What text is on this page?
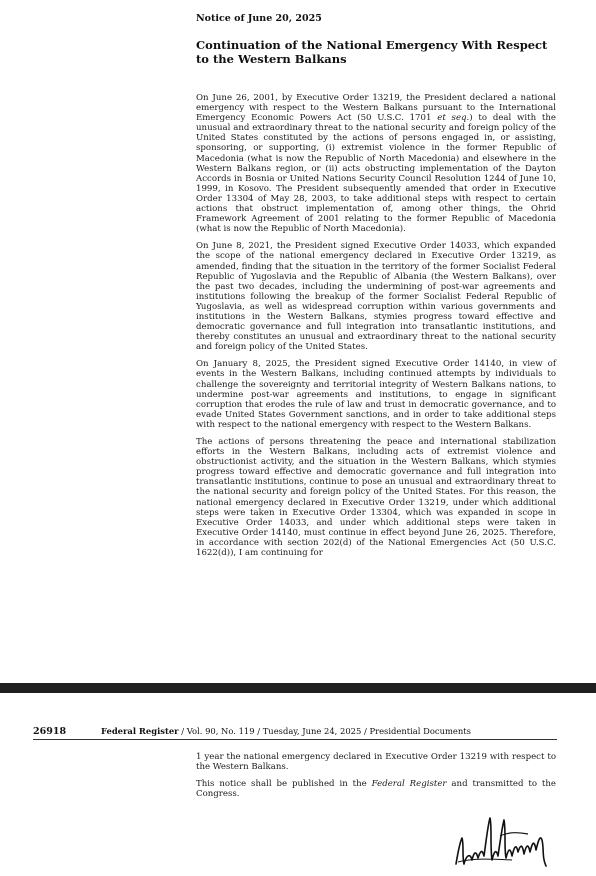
Notice of June 20, 2025
Continuation of the National Emergency With Respect to the Western Balkans

On June 26, 2001, by Executive Order 13219, the President declared a national emergency with respect to the Western Balkans pursuant to the International Emergency Economic Powers Act (50 U.S.C. 1701 et seq.) to deal with the unusual and extraordinary threat to the national security and foreign policy of the United States constituted by the actions of persons engaged in, or assisting, sponsoring, or supporting, (i) extremist violence in the former Republic of Macedonia (what is now the Republic of North Macedonia) and elsewhere in the Western Balkans region, or (ii) acts obstructing implementation of the Dayton Accords in Bosnia or United Nations Security Council Resolution 1244 of June 10, 1999, in Kosovo. The President subsequently amended that order in Executive Order 13304 of May 28, 2003, to take additional steps with respect to certain actions that obstruct implementation of, among other things, the Ohrid Framework Agreement of 2001 relating to the former Republic of Macedonia (what is now the Republic of North Macedonia).

On June 8, 2021, the President signed Executive Order 14033, which expanded the scope of the national emergency declared in Executive Order 13219, as amended, finding that the situation in the territory of the former Socialist Federal Republic of Yugoslavia and the Republic of Albania (the Western Balkans), over the past two decades, including the undermining of post-war agreements and institutions following the breakup of the former Socialist Federal Republic of Yugoslavia, as well as widespread corruption within various governments and institutions in the Western Balkans, stymies progress toward effective and democratic governance and full integration into transatlantic institutions, and thereby constitutes an unusual and extraordinary threat to the national security and foreign policy of the United States.

On January 8, 2025, the President signed Executive Order 14140, in view of events in the Western Balkans, including continued attempts by individuals to challenge the sovereignty and territorial integrity of Western Balkans nations, to undermine post-war agreements and institutions, to engage in significant corruption that erodes the rule of law and trust in democratic governance, and to evade United States Government sanctions, and in order to take additional steps with respect to the national emergency with respect to the Western Balkans.

The actions of persons threatening the peace and international stabilization efforts in the Western Balkans, including acts of extremist violence and obstructionist activity, and the situation in the Western Balkans, which stymies progress toward effective and democratic governance and full integration into transatlantic institutions, continue to pose an unusual and extraordinary threat to the national security and foreign policy of the United States. For this reason, the national emergency declared in Executive Order 13219, under which additional steps were taken in Executive Order 13304, which was expanded in scope in Executive Order 14033, and under which additional steps were taken in Executive Order 14140, must continue in effect beyond June 26, 2025. Therefore, in accordance with section 202(d) of the National Emergencies Act (50 U.S.C. 1622(d)), I am continuing for

26918	Federal Register / Vol. 90, No. 119 / Tuesday, June 24, 2025 / Presidential Documents

1 year the national emergency declared in Executive Order 13219 with respect to the Western Balkans.

This notice shall be published in the Federal Register and transmitted to the Congress.
